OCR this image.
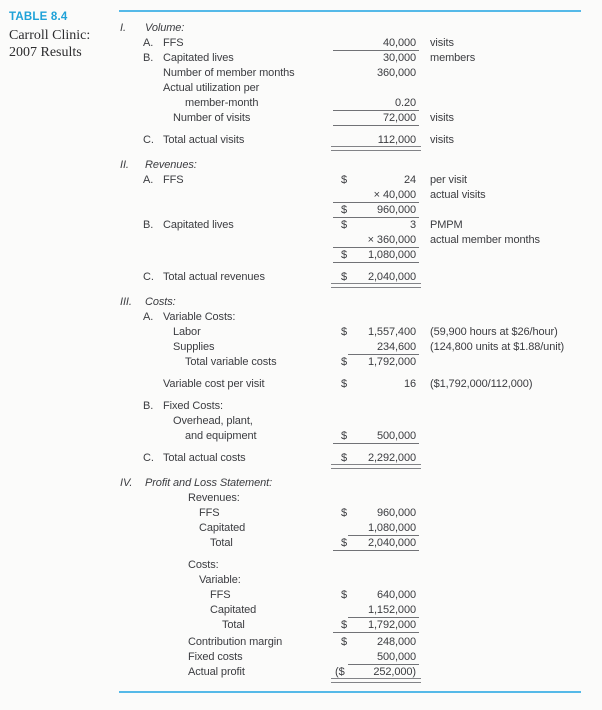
TABLE 8.4
Carroll Clinic:
2007 Results
I. Volume:
A. FFS	40,000 visits
B. Capitated lives	30,000 members
Number of member months	360,000
Actual utilization per
member-month	0.20
Number of visits	72,000 visits
C. Total actual visits	112,000 visits
II. Revenues:
A. FFS	$	24 per visit
× 40,000 actual visits
$	960,000
B. Capitated lives	$	3 PMPM
× 360,000 actual member months
$ 1,080,000
C. Total actual revenues	$ 2,040,000
III. Costs:
A. Variable Costs:
Labor	$ 1,557,400 (59,900 hours at $26/hour)
Supplies	234,600 (124,800 units at $1.88/unit)
Total variable costs	$ 1,792,000
Variable cost per visit	$	16 ($1,792,000/112,000)
B. Fixed Costs:
Overhead, plant,
and equipment	$	500,000
C. Total actual costs	$ 2,292,000
IV. Profit and Loss Statement:
Revenues:
FFS	$	960,000
Capitated	1,080,000
Total	$ 2,040,000
Costs:
Variable:
FFS	$	640,000
Capitated	1,152,000
Total	$ 1,792,000
Contribution margin	$	248,000
Fixed costs	500,000
Actual profit	($	252,000)
